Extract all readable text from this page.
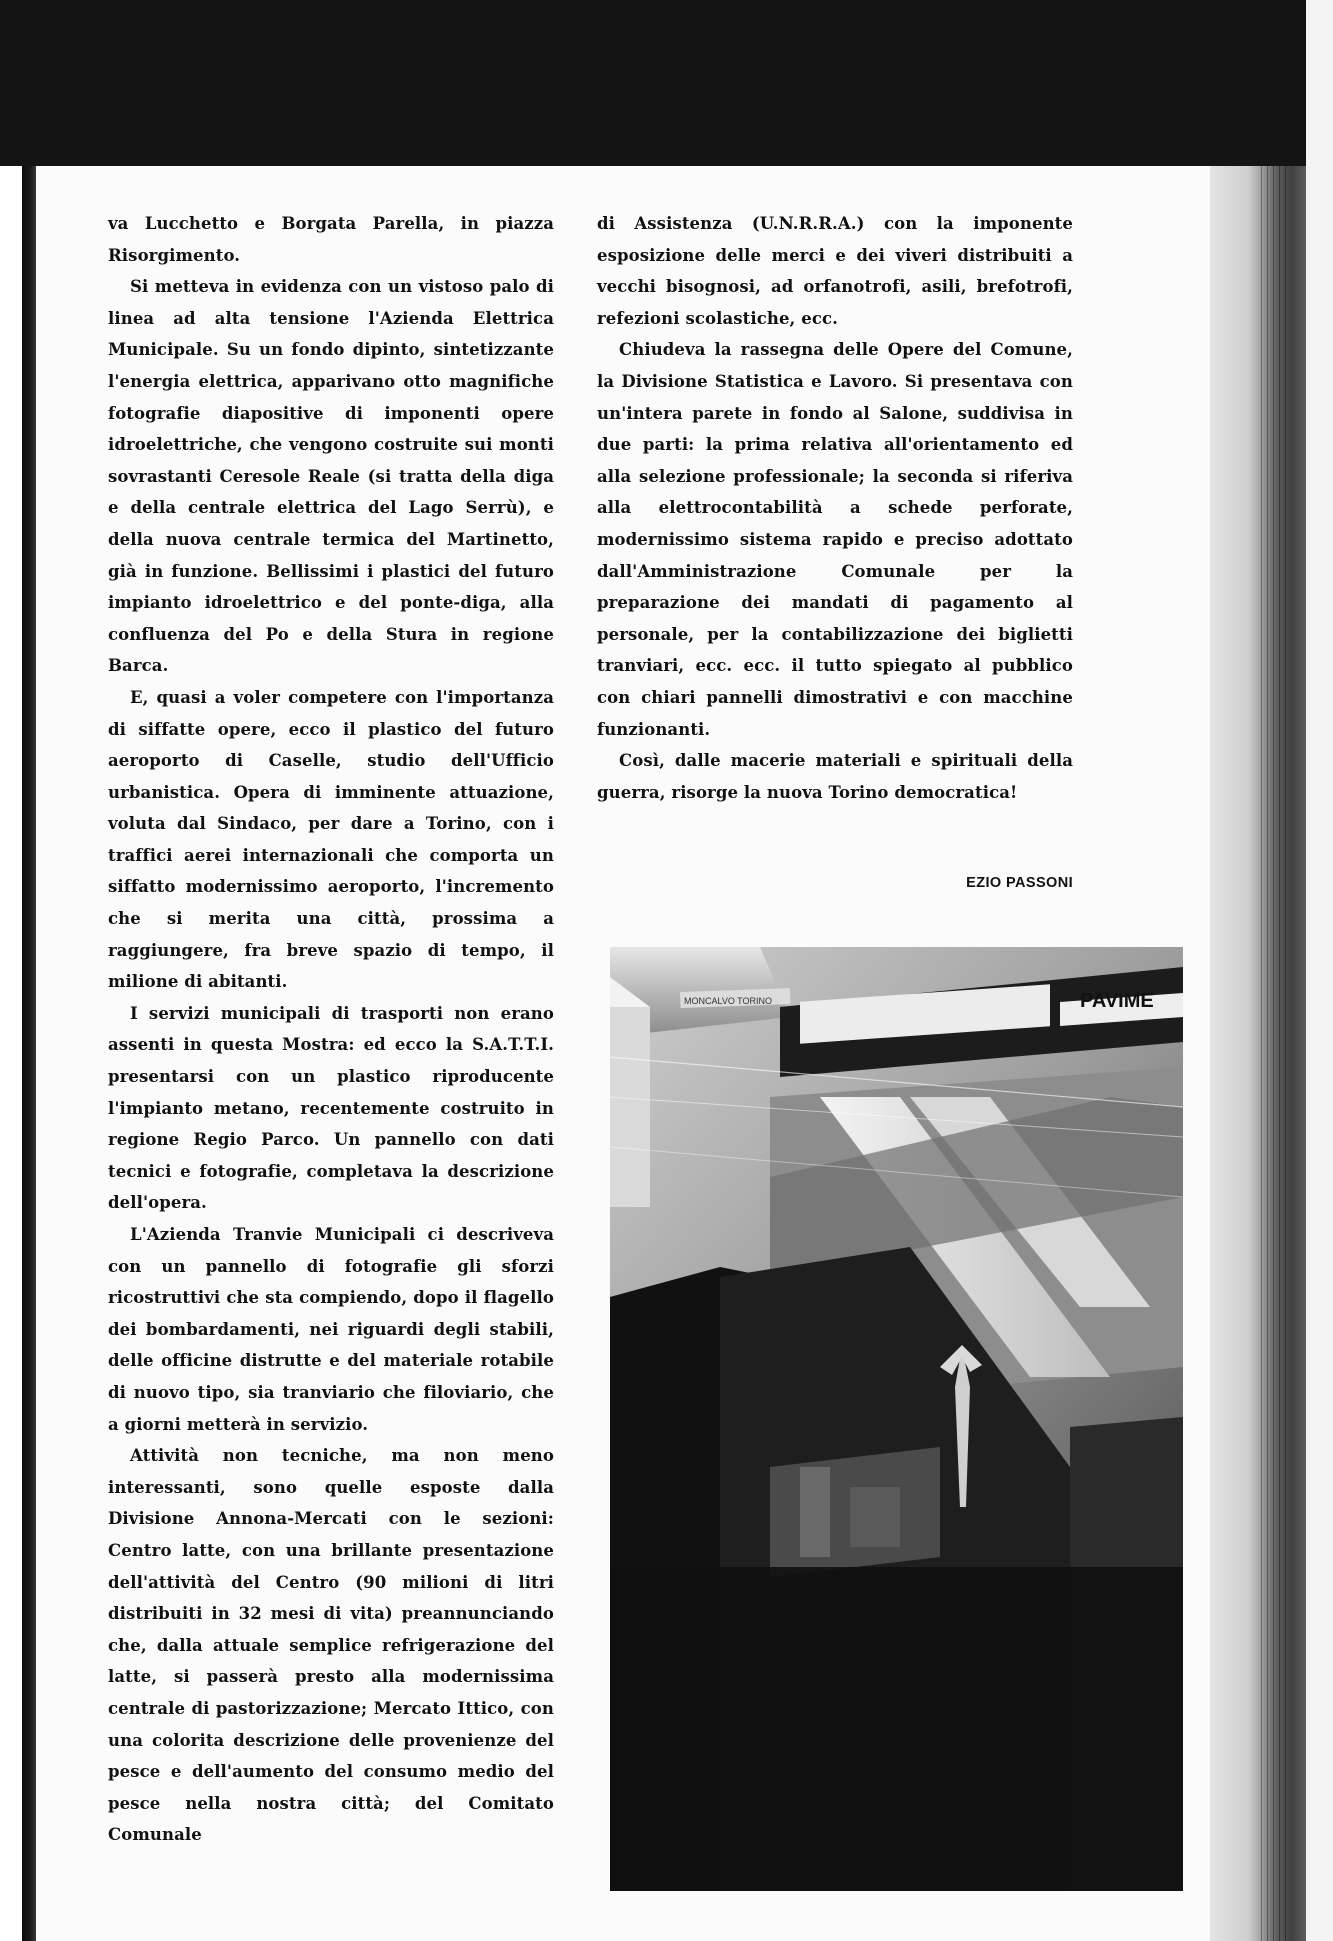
va Lucchetto e Borgata Parella, in piazza Risorgimento.

Si metteva in evidenza con un vistoso palo di linea ad alta tensione l'Azienda Elettrica Municipale. Su un fondo dipinto, sintetizzante l'energia elettrica, apparivano otto magnifiche fotografie diapositive di imponenti opere idroelettriche, che vengono costruite sui monti sovrastanti Ceresole Reale (si tratta della diga e della centrale elettrica del Lago Serrù), e della nuova centrale termica del Martinetto, già in funzione. Bellissimi i plastici del futuro impianto idroelettrico e del ponte-diga, alla confluenza del Po e della Stura in regione Barca.

E, quasi a voler competere con l'importanza di siffatte opere, ecco il plastico del futuro aeroporto di Caselle, studio dell'Ufficio urbanistica. Opera di imminente attuazione, voluta dal Sindaco, per dare a Torino, con i traffici aerei internazionali che comporta un siffatto modernissimo aeroporto, l'incremento che si merita una città, prossima a raggiungere, fra breve spazio di tempo, il milione di abitanti.

I servizi municipali di trasporti non erano assenti in questa Mostra: ed ecco la S.A.T.T.I. presentarsi con un plastico riproducente l'impianto metano, recentemente costruito in regione Regio Parco. Un pannello con dati tecnici e fotografie, completava la descrizione dell'opera.

L'Azienda Tranvie Municipali ci descriveva con un pannello di fotografie gli sforzi ricostruttivi che sta compiendo, dopo il flagello dei bombardamenti, nei riguardi degli stabili, delle officine distrutte e del materiale rotabile di nuovo tipo, sia tranviario che filoviario, che a giorni metterà in servizio.

Attività non tecniche, ma non meno interessanti, sono quelle esposte dalla Divisione Annona-Mercati con le sezioni: Centro latte, con una brillante presentazione dell'attività del Centro (90 milioni di litri distribuiti in 32 mesi di vita) preannunciando che, dalla attuale semplice refrigerazione del latte, si passerà presto alla modernissima centrale di pastorizzazione; Mercato Ittico, con una colorita descrizione delle provenienze del pesce e dell'aumento del consumo medio del pesce nella nostra città; del Comitato Comunale

di Assistenza (U.N.R.R.A.) con la imponente esposizione delle merci e dei viveri distribuiti a vecchi bisognosi, ad orfanotrofi, asili, brefotrofi, refezioni scolastiche, ecc.

Chiudeva la rassegna delle Opere del Comune, la Divisione Statistica e Lavoro. Si presentava con un'intera parete in fondo al Salone, suddivisa in due parti: la prima relativa all'orientamento ed alla selezione professionale; la seconda si riferiva alla elettrocontabilità a schede perforate, modernissimo sistema rapido e preciso adottato dall'Amministrazione Comunale per la preparazione dei mandati di pagamento al personale, per la contabilizzazione dei biglietti tranviari, ecc. ecc. il tutto spiegato al pubblico con chiari pannelli dimostrativi e con macchine funzionanti.

Così, dalle macerie materiali e spirituali della guerra, risorge la nuova Torino democratica!

EZIO PASSONI
MONCALVO TORINO	PAVIME
